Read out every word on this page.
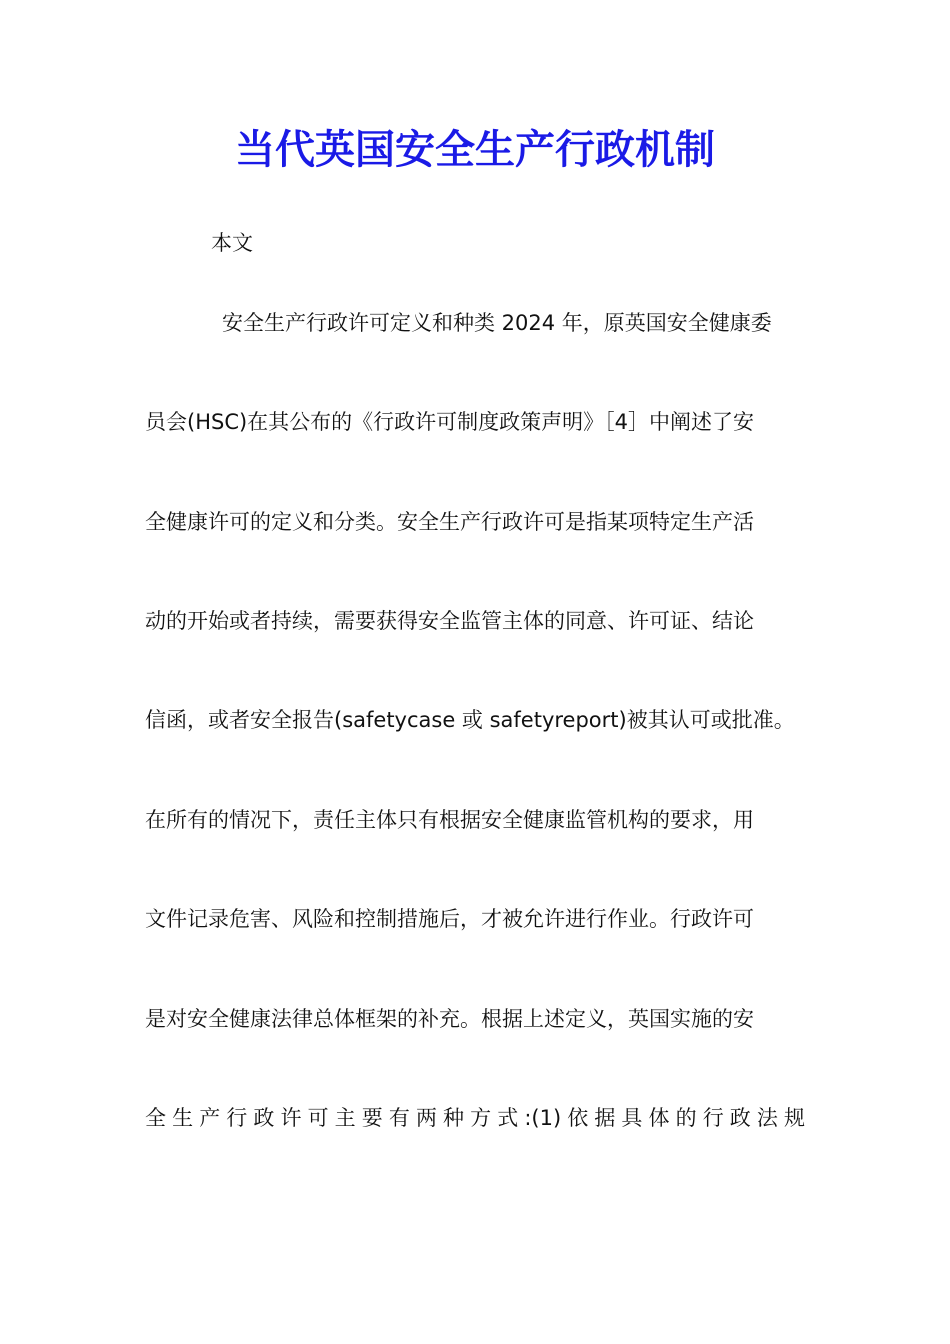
当代英国安全生产行政机制

本文

安全生产行政许可定义和种类 2024 年，原英国安全健康委

员会(HSC)在其公布的《行政许可制度政策声明》［4］中阐述了安

全健康许可的定义和分类。安全生产行政许可是指某项特定生产活

动的开始或者持续，需要获得安全监管主体的同意、许可证、结论

信函，或者安全报告(safetycase 或 safetyreport)被其认可或批准。

在所有的情况下，责任主体只有根据安全健康监管机构的要求，用

文件记录危害、风险和控制措施后，才被允许进行作业。行政许可

是对安全健康法律总体框架的补充。根据上述定义，英国实施的安

全生产行政许可主要有两种方式:(1)依据具体的行政法规
